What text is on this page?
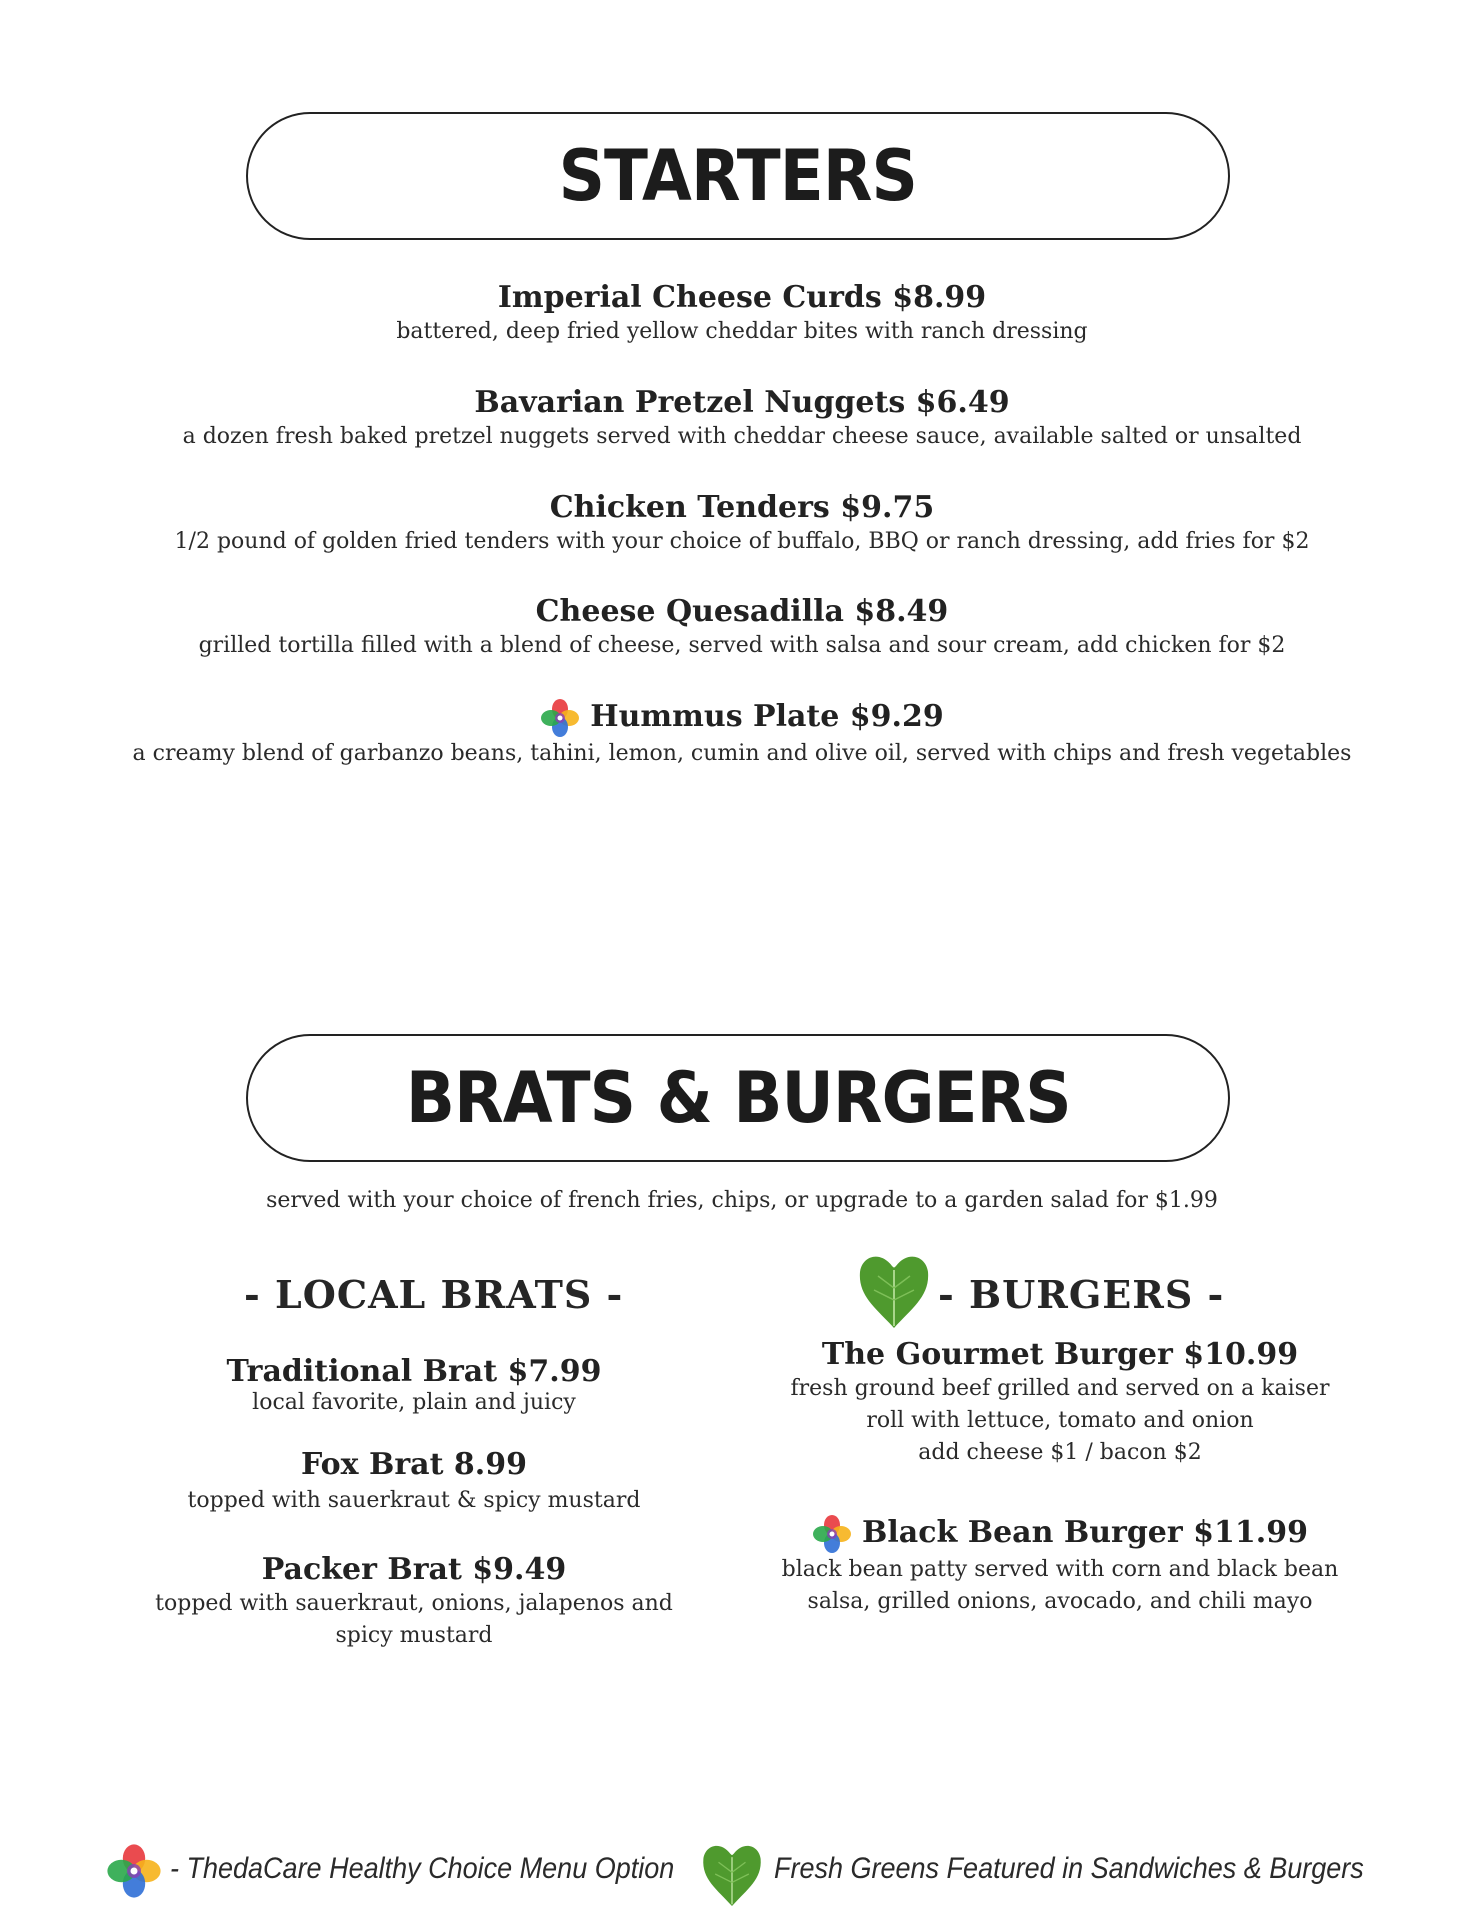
STARTERS
Imperial Cheese Curds $8.99
battered, deep fried yellow cheddar bites with ranch dressing
Bavarian Pretzel Nuggets $6.49
a dozen fresh baked pretzel nuggets served with cheddar cheese sauce, available salted or unsalted
Chicken Tenders $9.75
1/2 pound of golden fried tenders with your choice of buffalo, BBQ or ranch dressing, add fries for $2
Cheese Quesadilla $8.49
grilled tortilla filled with a blend of cheese, served with salsa and sour cream, add chicken for $2
Hummus Plate $9.29
a creamy blend of garbanzo beans, tahini, lemon, cumin and olive oil, served with chips and fresh vegetables
BRATS & BURGERS
served with your choice of french fries, chips, or upgrade to a garden salad for $1.99
- LOCAL BRATS -
Traditional Brat $7.99
local favorite, plain and juicy
Fox Brat 8.99
topped with sauerkraut & spicy mustard
Packer Brat $9.49
topped with sauerkraut, onions, jalapenos and
spicy mustard
- BURGERS -
The Gourmet Burger $10.99
fresh ground beef grilled and served on a kaiser
roll with lettuce, tomato and onion
add cheese $1 / bacon $2
Black Bean Burger $11.99
black bean patty served with corn and black bean
salsa, grilled onions, avocado, and chili mayo
- ThedaCare Healthy Choice Menu Option	Fresh Greens Featured in Sandwiches & Burgers
